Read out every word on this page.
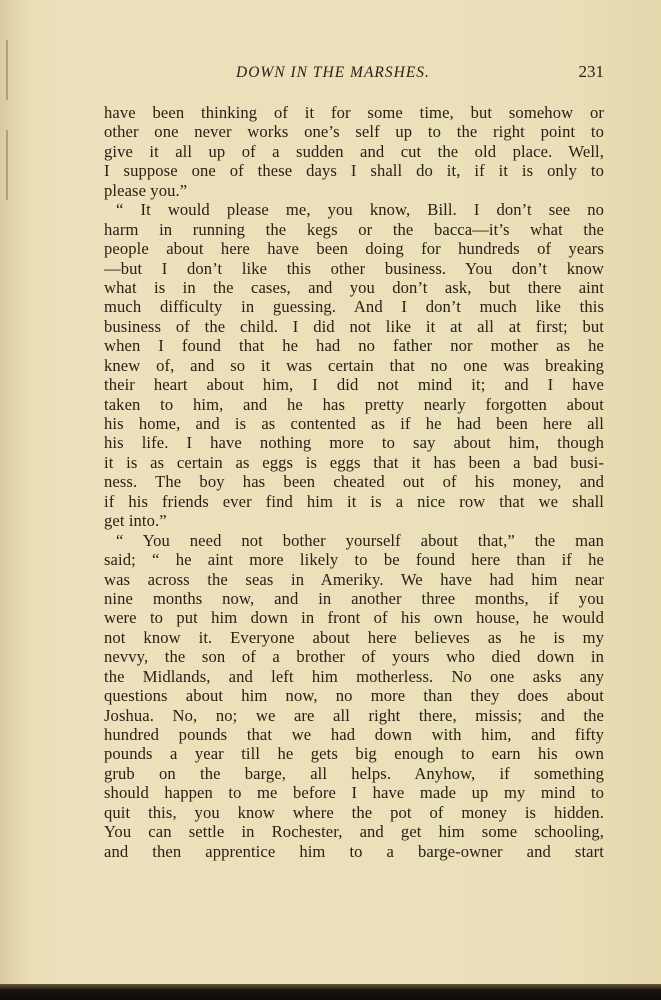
DOWN IN THE MARSHES.	231
have been thinking of it for some time, but somehow or
other one never works one’s self up to the right point to
give it all up of a sudden and cut the old place. Well,
I suppose one of these days I shall do it, if it is only to
please you.”
“ It would please me, you know, Bill. I don’t see no
harm in running the kegs or the bacca—it’s what the
people about here have been doing for hundreds of years
—but I don’t like this other business. You don’t know
what is in the cases, and you don’t ask, but there aint
much difficulty in guessing. And I don’t much like this
business of the child. I did not like it at all at first; but
when I found that he had no father nor mother as he
knew of, and so it was certain that no one was breaking
their heart about him, I did not mind it; and I have
taken to him, and he has pretty nearly forgotten about
his home, and is as contented as if he had been here all
his life. I have nothing more to say about him, though
it is as certain as eggs is eggs that it has been a bad busi-
ness. The boy has been cheated out of his money, and
if his friends ever find him it is a nice row that we shall
get into.”
“ You need not bother yourself about that,” the man
said; “ he aint more likely to be found here than if he
was across the seas in Ameriky. We have had him near
nine months now, and in another three months, if you
were to put him down in front of his own house, he would
not know it. Everyone about here believes as he is my
nevvy, the son of a brother of yours who died down in
the Midlands, and left him motherless. No one asks any
questions about him now, no more than they does about
Joshua. No, no; we are all right there, missis; and the
hundred pounds that we had down with him, and fifty
pounds a year till he gets big enough to earn his own
grub on the barge, all helps. Anyhow, if something
should happen to me before I have made up my mind to
quit this, you know where the pot of money is hidden.
You can settle in Rochester, and get him some schooling,
and then apprentice him to a barge-owner and start
